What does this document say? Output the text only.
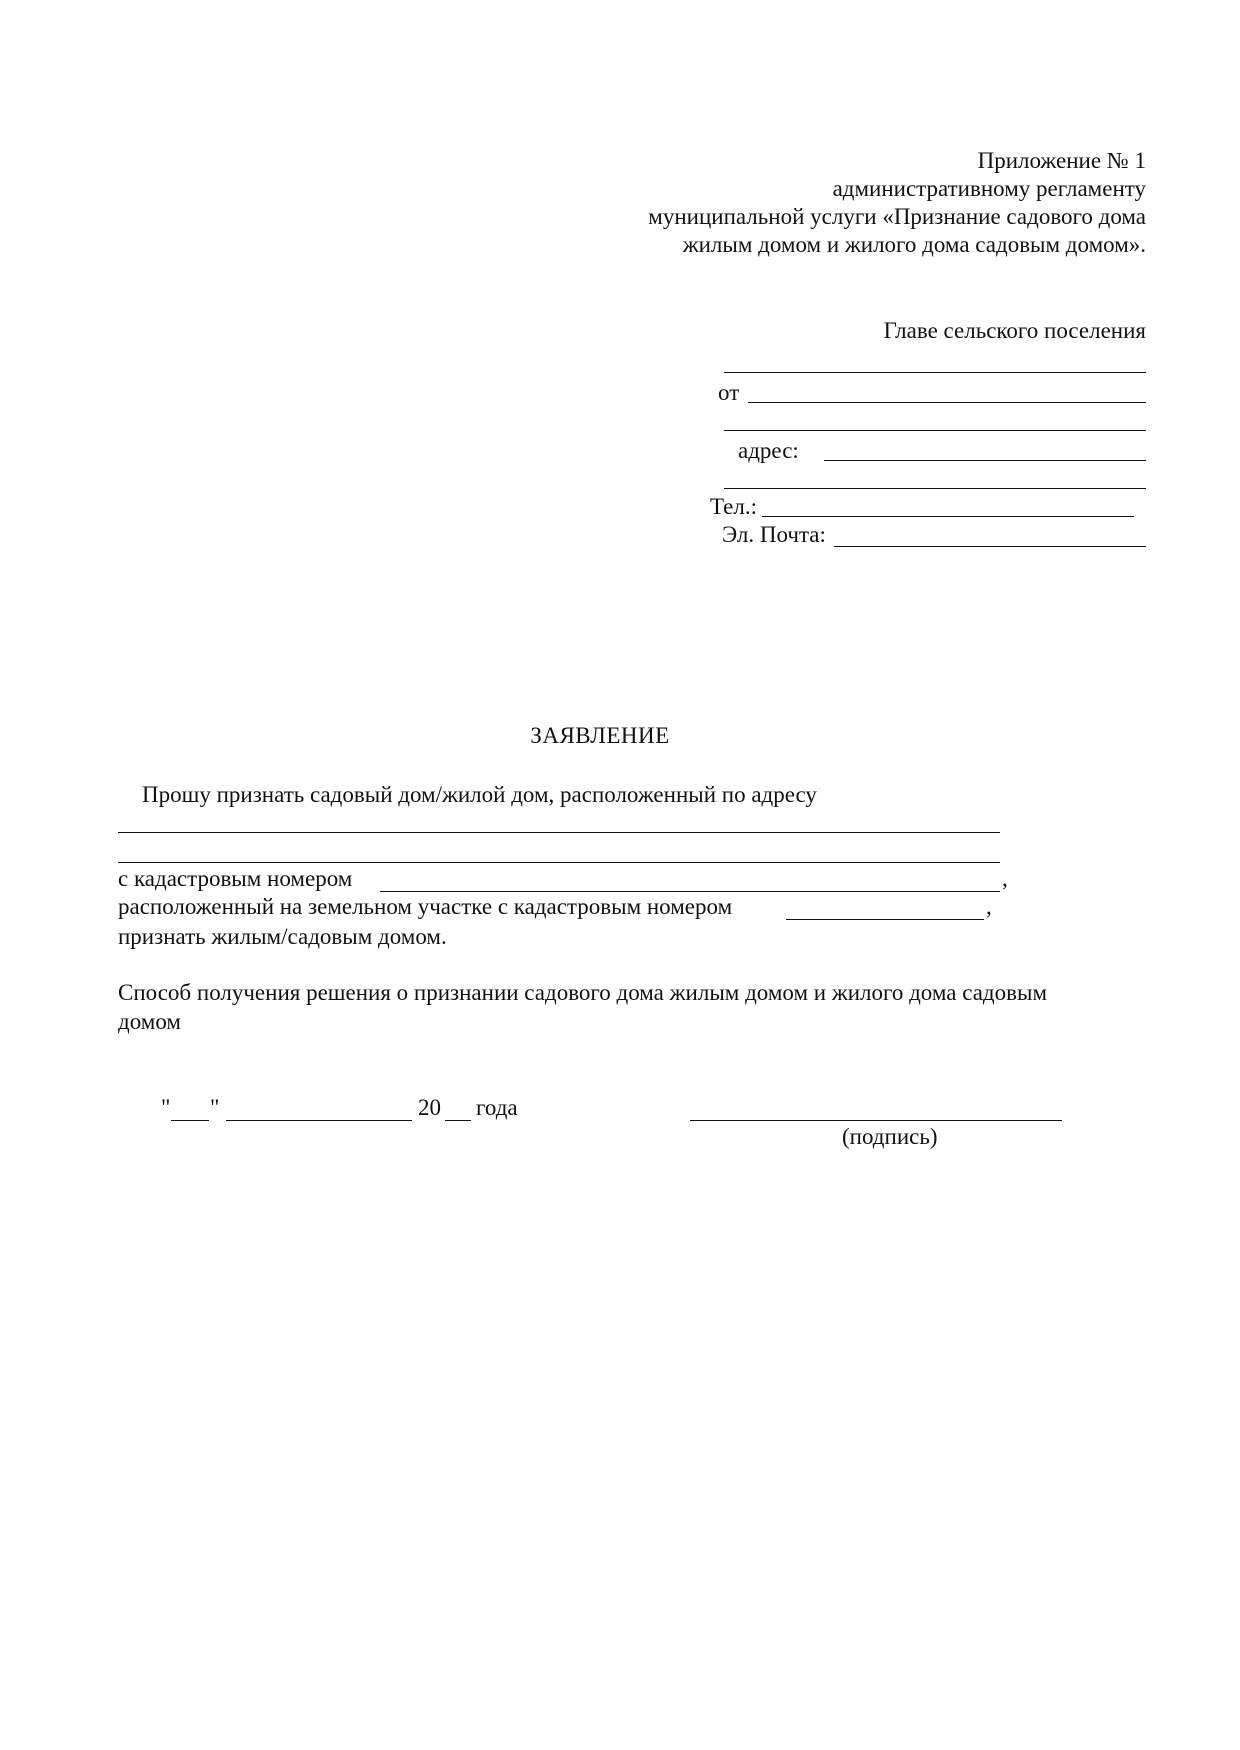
Приложение № 1
административному регламенту
муниципальной услуги «Признание садового дома
жилым домом и жилого дома садовым домом».
Главе сельского поселения
от
адрес:
Тел.:
Эл. Почта:
ЗАЯВЛЕНИЕ
Прошу признать садовый дом/жилой дом, расположенный по адресу
с кадастровым номером	,
расположенный на земельном участке с кадастровым номером	,
признать жилым/садовым домом.
Способ получения решения о признании садового дома жилым домом и жилого дома садовым
домом
" "	20 года
(подпись)
